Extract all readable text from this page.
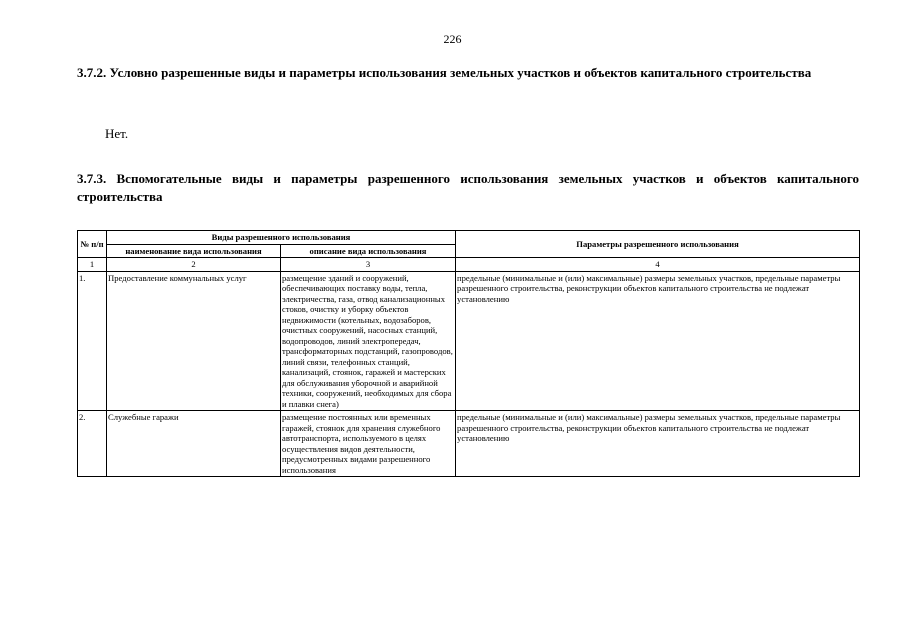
226
3.7.2. Условно разрешенные виды и параметры использования земельных участков и объектов капитального строительства
Нет.
3.7.3. Вспомогательные виды и параметры разрешенного использования земельных участков и объектов капитального строительства
№ п/п	Виды разрешенного использования		Параметры разрешенного использования
	наименование вида использования	описание вида использования	
1	2	3	4
1.	Предоставление коммунальных услуг	размещение зданий и сооружений, обеспечивающих поставку воды, тепла, электричества, газа, отвод канализационных стоков, очистку и уборку объектов недвижимости (котельных, водозаборов, очистных сооружений, насосных станций, водопроводов, линий электропередач, трансформаторных подстанций, газопроводов, линий связи, телефонных станций, канализаций, стоянок, гаражей и мастерских для обслуживания уборочной и аварийной техники, сооружений, необходимых для сбора и плавки снега)	предельные (минимальные и (или) максимальные) размеры земельных участков, предельные параметры разрешенного строительства, реконструкции объектов капитального строительства не подлежат установлению
2.	Служебные гаражи	размещение постоянных или временных гаражей, стоянок для хранения служебного автотранспорта, используемого в целях осуществления видов деятельности, предусмотренных видами разрешенного использования	предельные (минимальные и (или) максимальные) размеры земельных участков, предельные параметры разрешенного строительства, реконструкции объектов капитального строительства не подлежат установлению
